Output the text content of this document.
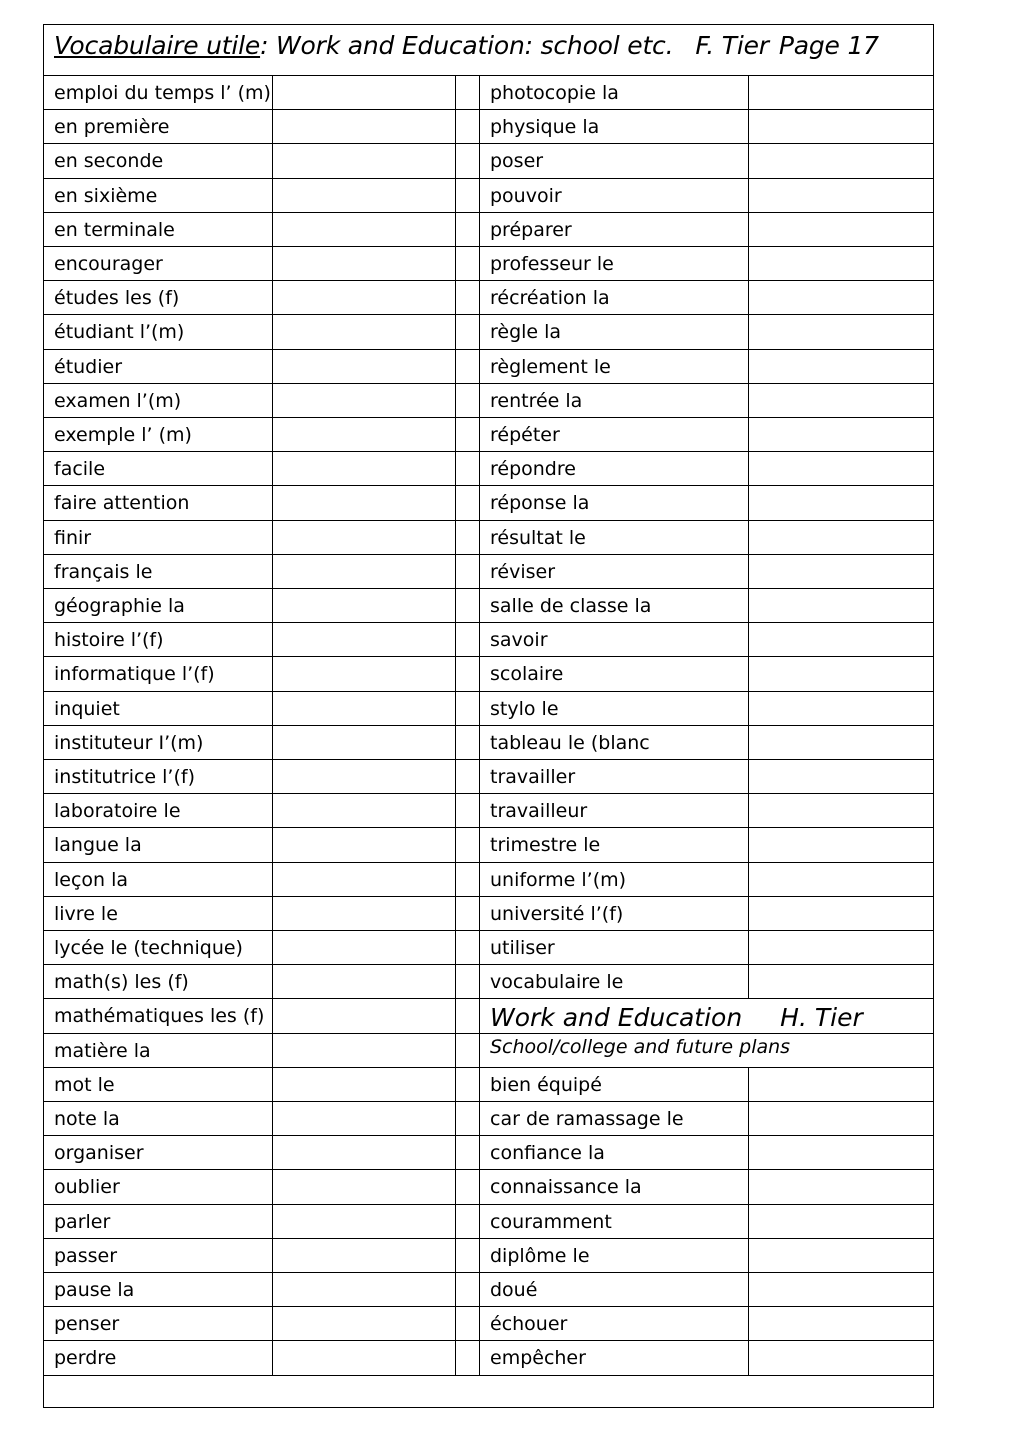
Vocabulaire utile: Work and Education: school etc. F. Tier Page 17
emploi du temps l’ (m)	photocopie la
en première	physique la
en seconde	poser
en sixième	pouvoir
en terminale	préparer
encourager	professeur le
études les (f)	récréation la
étudiant l’(m)	règle la
étudier	règlement le
examen l’(m)	rentrée la
exemple l’ (m)	répéter
facile	répondre
faire attention	réponse la
finir	résultat le
français le	réviser
géographie la	salle de classe la
histoire l’(f)	savoir
informatique l’(f)	scolaire
inquiet	stylo le
instituteur I’(m)	tableau le (blanc
institutrice l’(f)	travailler
laboratoire le	travailleur
langue la	trimestre le
leçon la	uniforme l’(m)
livre le	université l’(f)
lycée le (technique)	utiliser
math(s) les (f)	vocabulaire le
mathématiques les (f)	Work and Education H. Tier
matière la	School/college and future plans
mot le	bien équipé
note la	car de ramassage le
organiser	confiance la
oublier	connaissance la
parler	couramment
passer	diplôme le
pause la	doué
penser	échouer
perdre	empêcher
